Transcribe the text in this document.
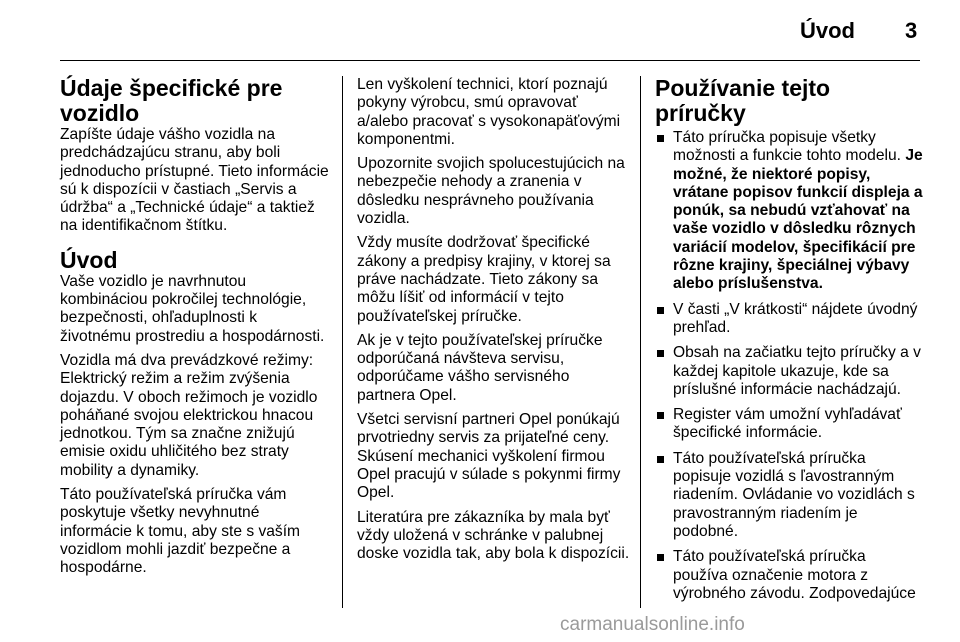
Úvod 3
Údaje špecifické pre vozidlo

Zapíšte údaje vášho vozidla na predchádzajúcu stranu, aby boli jednoducho prístupné. Tieto informácie sú k dispozícii v častiach „Servis a údržba“ a „Technické údaje“ a taktiež na identifikačnom štítku.

Úvod

Vaše vozidlo je navrhnutou kombináciou pokročilej technológie, bezpečnosti, ohľaduplnosti k životnému prostrediu a hospodárnosti.

Vozidla má dva prevádzkové režimy: Elektrický režim a režim zvýšenia dojazdu. V oboch režimoch je vozidlo poháňané svojou elektrickou hnacou jednotkou. Tým sa značne znižujú emisie oxidu uhličitého bez straty mobility a dynamiky.

Táto používateľská príručka vám poskytuje všetky nevyhnutné informácie k tomu, aby ste s vaším vozidlom mohli jazdiť bezpečne a hospodárne.

Len vyškolení technici, ktorí poznajú pokyny výrobcu, smú opravovať a/alebo pracovať s vysokonapäťovými komponentmi.

Upozornite svojich spolucestujúcich na nebezpečie nehody a zranenia v dôsledku nesprávneho používania vozidla.

Vždy musíte dodržovať špecifické zákony a predpisy krajiny, v ktorej sa práve nachádzate. Tieto zákony sa môžu líšiť od informácií v tejto používateľskej príručke.

Ak je v tejto používateľskej príručke odporúčaná návšteva servisu, odporúčame vášho servisného partnera Opel.

Všetci servisní partneri Opel ponúkajú prvotriedny servis za prijateľné ceny. Skúsení mechanici vyškolení firmou Opel pracujú v súlade s pokynmi firmy Opel.

Literatúra pre zákazníka by mala byť vždy uložená v schránke v palubnej doske vozidla tak, aby bola k dispozícii.

Používanie tejto príručky
Táto príručka popisuje všetky možnosti a funkcie tohto modelu. Je možné, že niektoré popisy, vrátane popisov funkcií displeja a ponúk, sa nebudú vzťahovať na vaše vozidlo v dôsledku rôznych variácií modelov, špecifikácií pre rôzne krajiny, špeciálnej výbavy alebo príslušenstva.
V časti „V krátkosti“ nájdete úvodný prehľad.
Obsah na začiatku tejto príručky a v každej kapitole ukazuje, kde sa príslušné informácie nachádzajú.
Register vám umožní vyhľadávať špecifické informácie.
Táto používateľská príručka popisuje vozidlá s ľavostranným riadením. Ovládanie vo vozidlách s pravostranným riadením je podobné.
Táto používateľská príručka používa označenie motora z výrobného závodu. Zodpovedajúce
carmanualsonline.info
